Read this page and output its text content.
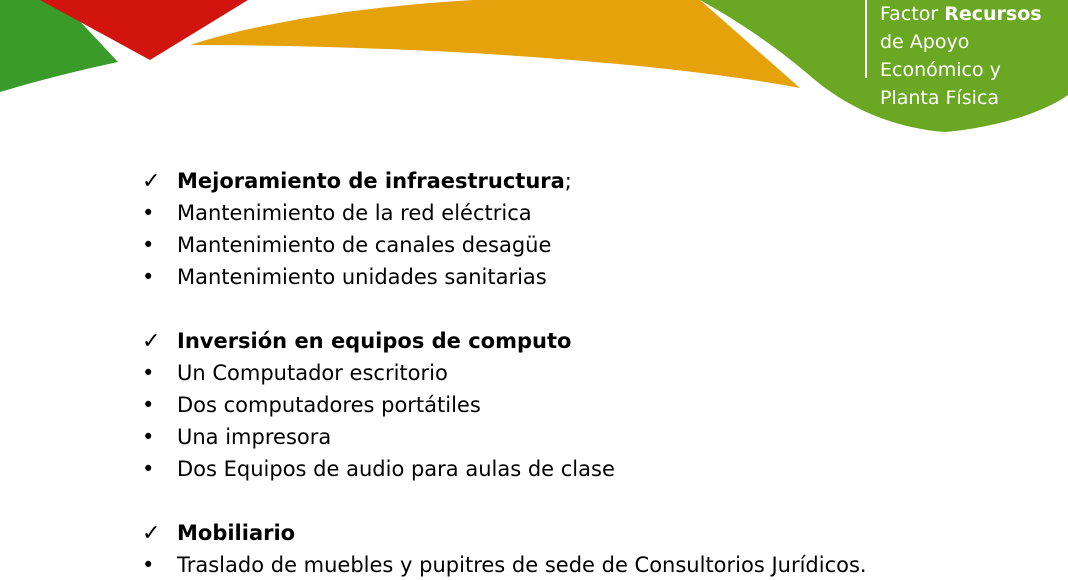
Factor Recursos
de Apoyo
Económico y
Planta Física
✓ Mejoramiento de infraestructura;
•	Mantenimiento de la red eléctrica
•	Mantenimiento de canales desagüe
•	Mantenimiento unidades sanitarias
✓ Inversión en equipos de computo
•	Un Computador escritorio
•	Dos computadores portátiles
•	Una impresora
•	Dos Equipos de audio para aulas de clase
✓ Mobiliario
•	Traslado de muebles y pupitres de sede de Consultorios Jurídicos.
